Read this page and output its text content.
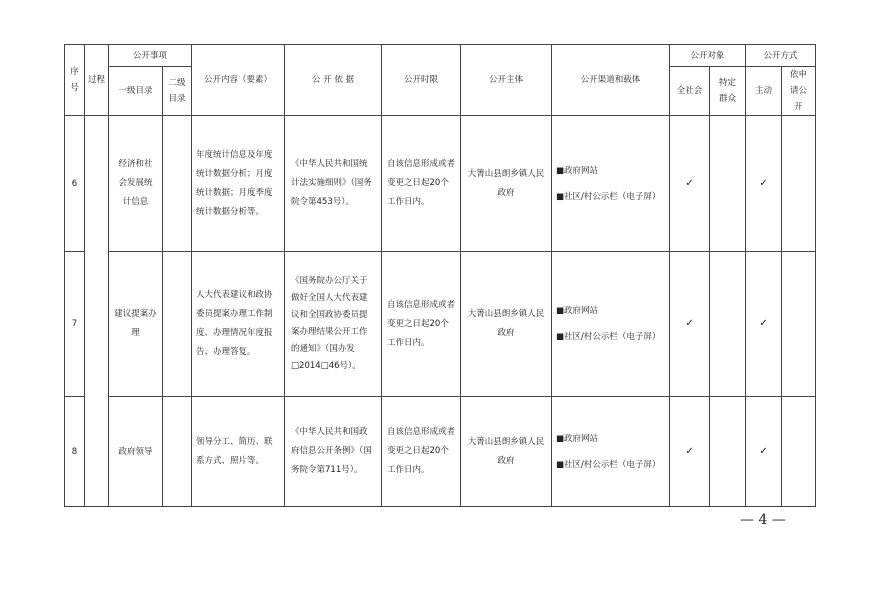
序号	过程	公开事项		公开内容（要素）	公 开 依 据	公开时限	公开主体	公开渠道和载体	公开对象		公开方式	
		一级目录	二级目录						全社会	特定群众	主动	依申请公开

6		经济和社会发展统计信息		年度统计信息及年度统计数据分析；月度统计数据；月度季度统计数据分析等。	《中华人民共和国统计法实施细则》（国务院令第453号）。	自该信息形成或者变更之日起20个工作日内。	大箐山县朗乡镇人民政府	■政府网站
■社区/村公示栏（电子屏）	✓		✓	
7		建议提案办理		人大代表建议和政协委员提案办理工作制度、办理情况年度报告、办理答复。	《国务院办公厅关于做好全国人大代表建议和全国政协委员提案办理结果公开工作的通知》（国办发□2014□46号）。	自该信息形成或者变更之日起20个工作日内。	大箐山县朗乡镇人民政府	■政府网站
■社区/村公示栏（电子屏）	✓		✓	
8		政府领导		领导分工、简历、联系方式、照片等。	《中华人民共和国政府信息公开条例》（国务院令第711号）。	自该信息形成或者变更之日起20个工作日内。	大箐山县朗乡镇人民政府	■政府网站
■社区/村公示栏（电子屏）	✓		✓	
— 4 —
